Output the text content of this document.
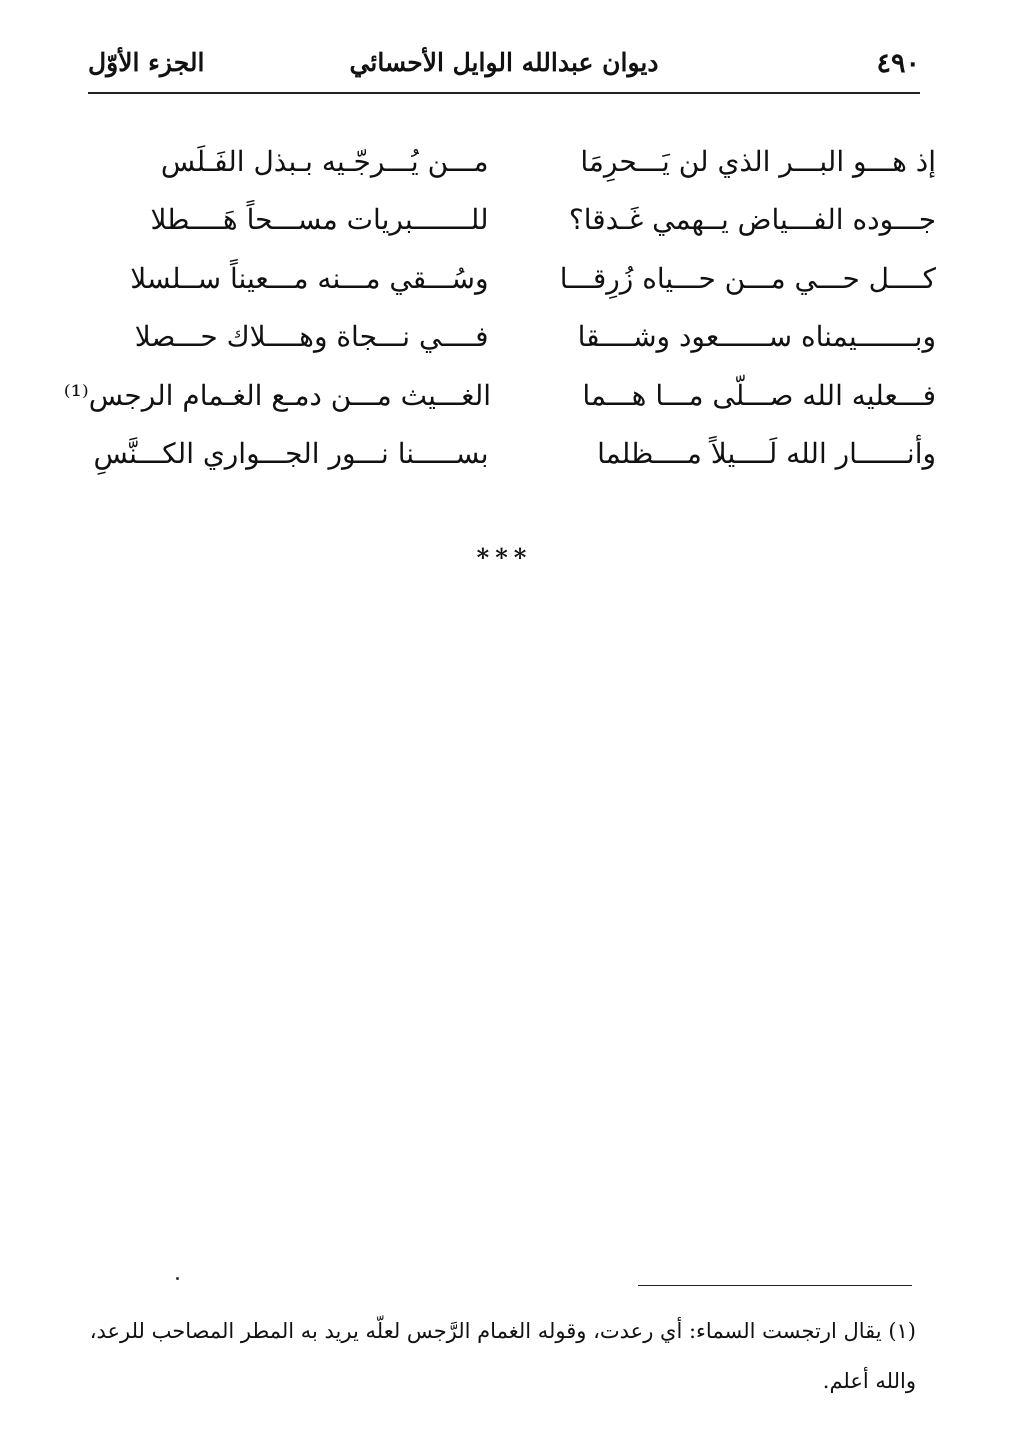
٤٩٠
ديوان عبدالله الوايل الأحسائي
الجزء الأوّل
إذ هـــو البـــر الذي لن يَـــحرِمَا
مـــن يُـــرجّـيه بـبذل الفَـلَس
جـــوده الفـــياض يــهمي غَـدقا؟
للـــــــبريات مســـحاً هَــــطلا
كــــل حـــي مـــن حـــياه زُرِقـــا
وسُـــقي مـــنه مـــعيناً ســلسلا
وبـــــــيمناه ســــــعود وشــــقا
فــــي نـــجاة وهــــلاك حـــصلا
فـــعليه الله صـــلّى مـــا هـــما
الغـــيث مـــن دمـع الغـمام الرجس⁽¹⁾
وأنــــــار الله لَــــيلاً مــــظلما
بســـــنا نـــور الجـــواري الكـــنَّسِ
***
(١) يقال ارتجست السماء: أي رعدت، وقوله الغمام الرَّجس لعلّه يريد به المطر المصاحب للرعد، والله أعلم.
